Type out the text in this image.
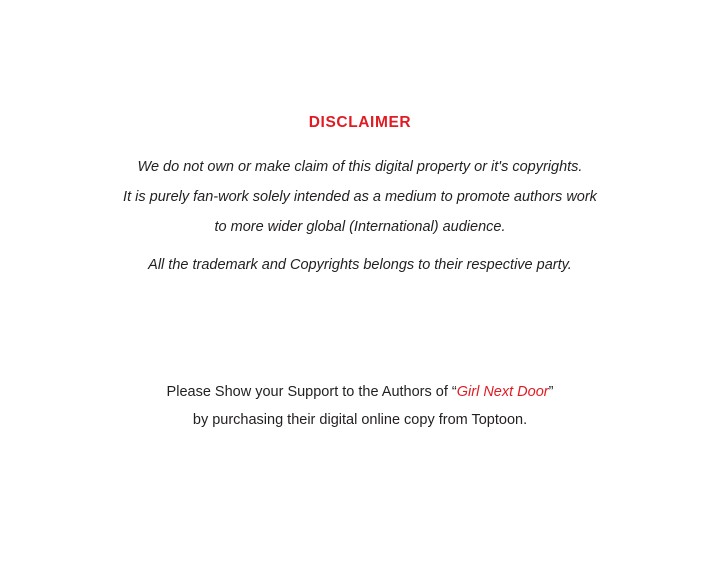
DISCLAIMER
We do not own or make claim of this digital property or it's copyrights.
It is purely fan-work solely intended as a medium to promote authors work
to more wider global (International) audience.
All the trademark and Copyrights belongs to their respective party.
Please Show your Support to the Authors of “Girl Next Door”
by purchasing their digital online copy from Toptoon.
